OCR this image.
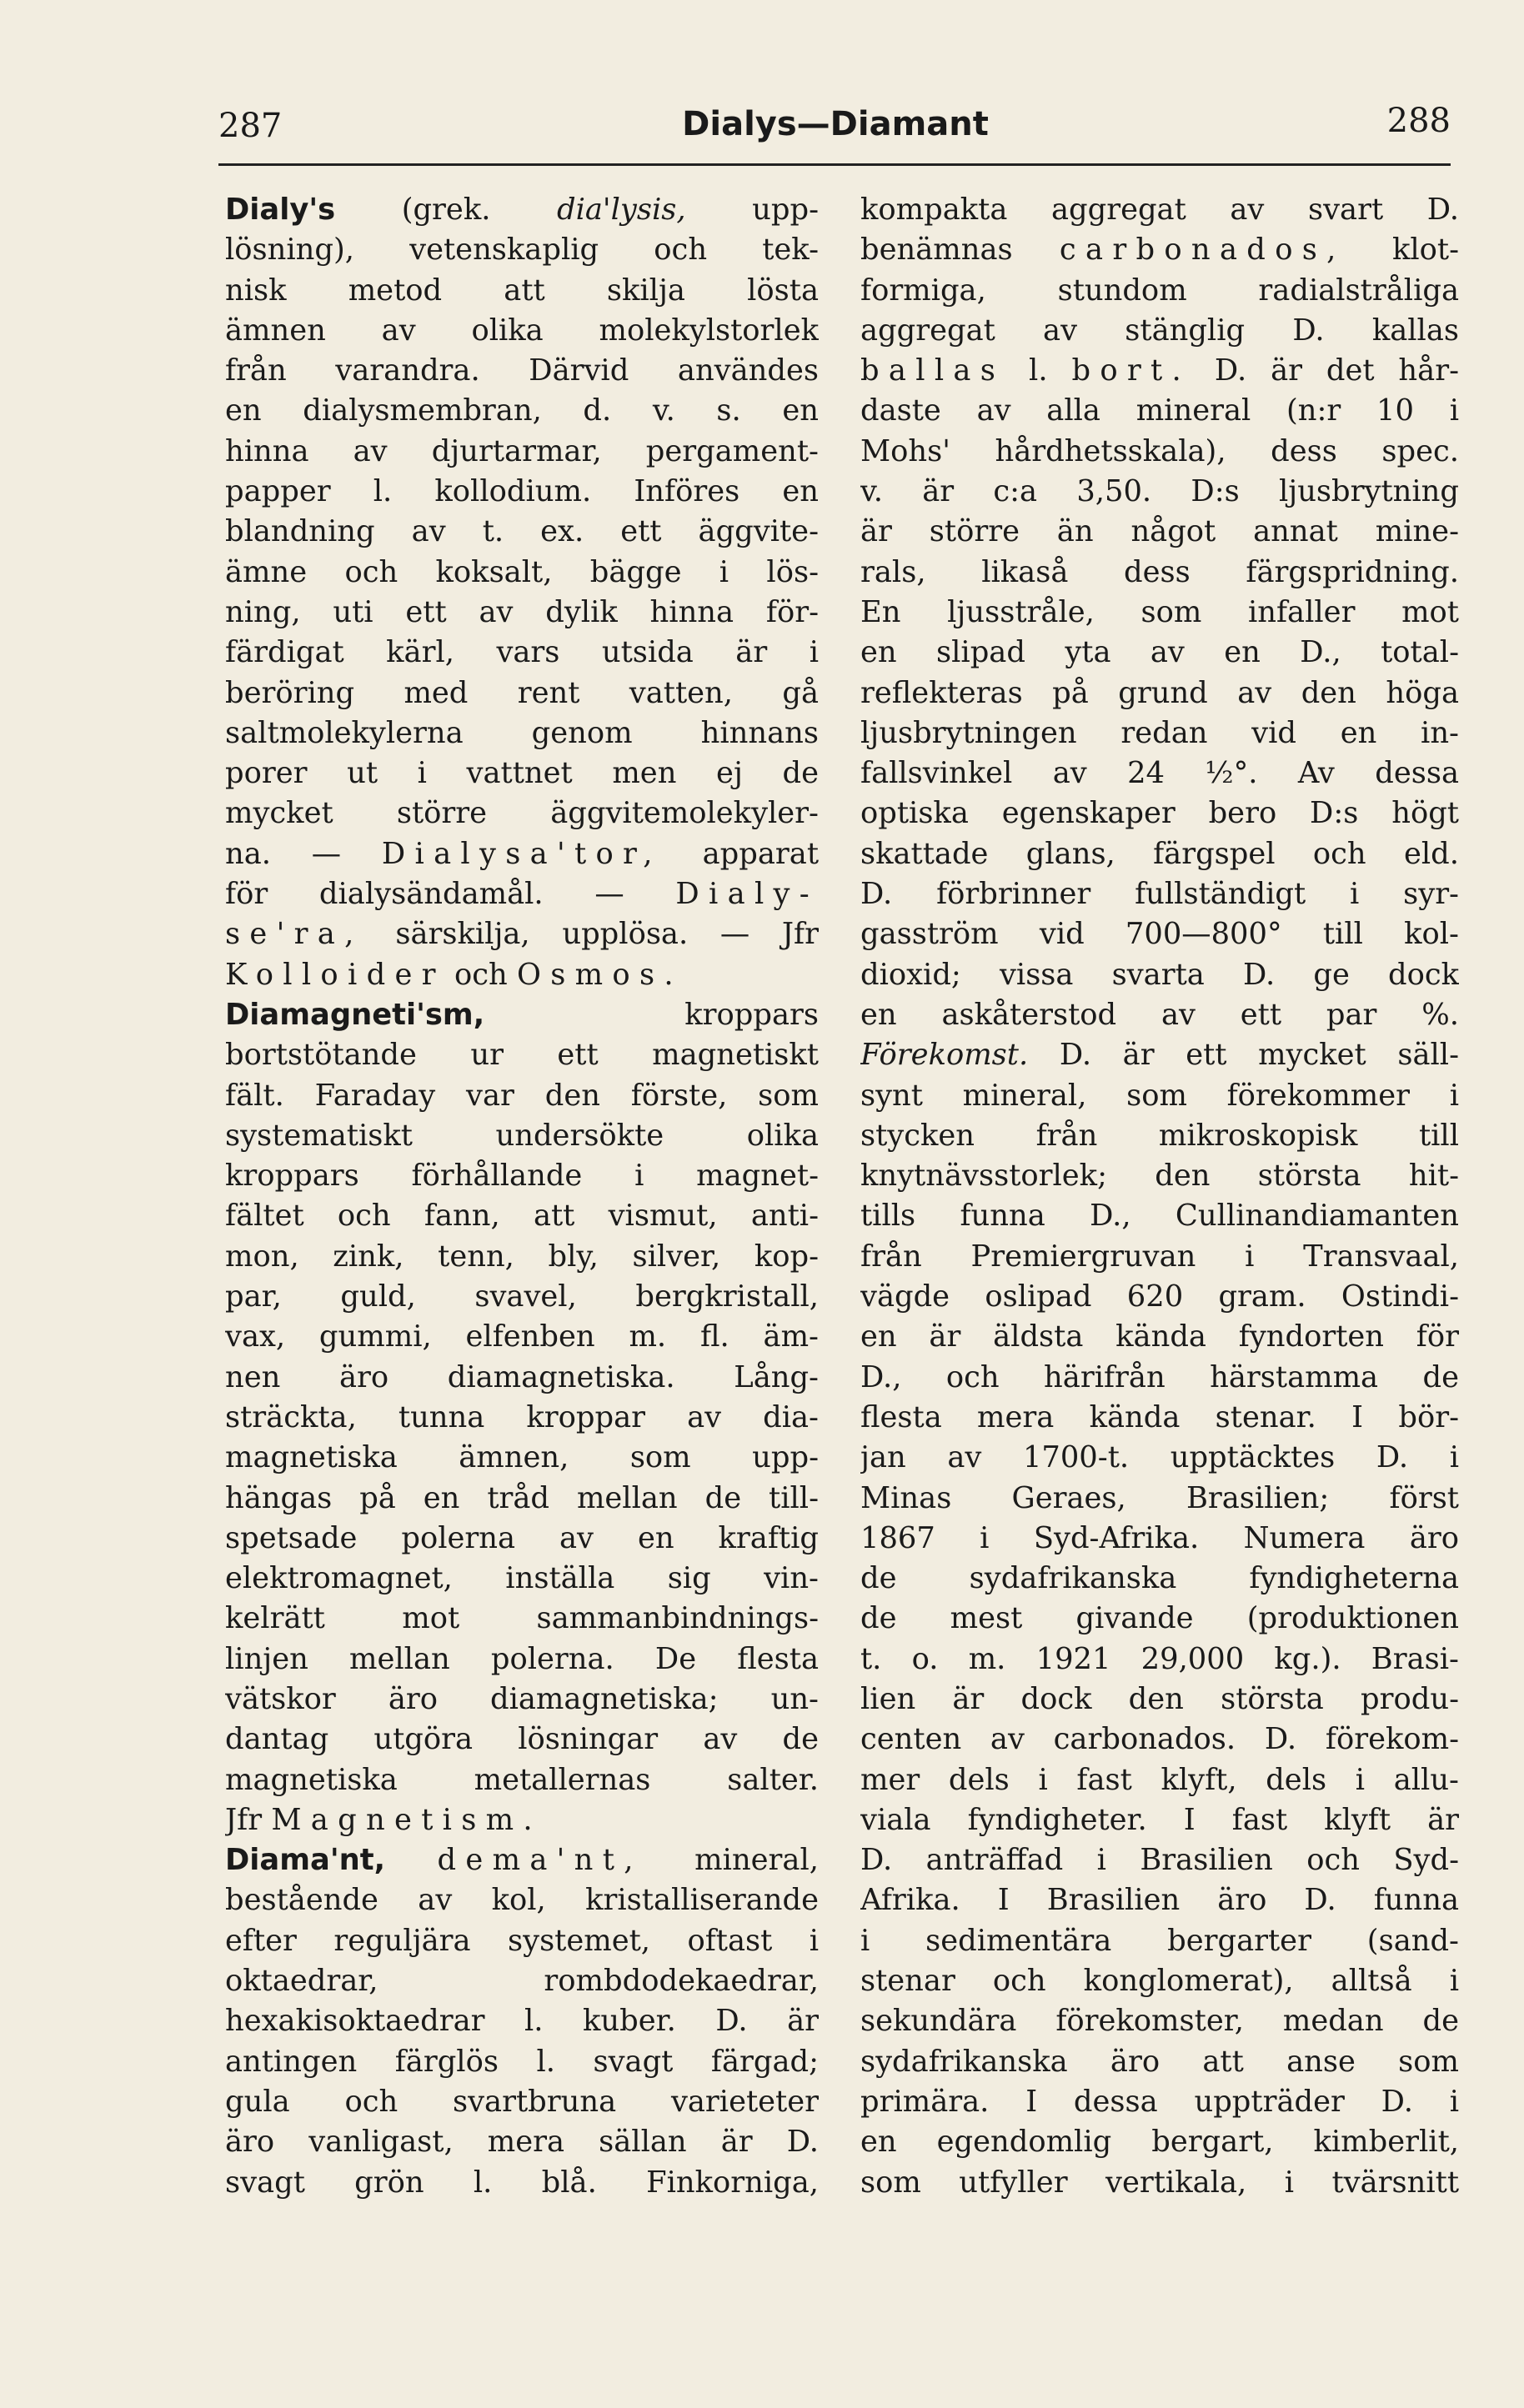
287	Dialys—Diamant	288
Dialy's (grek. dia'lysis, upp-
lösning), vetenskaplig och tek-
nisk metod att skilja lösta
ämnen av olika molekylstorlek
från varandra. Därvid användes
en dialysmembran, d. v. s. en
hinna av djurtarmar, pergament-
papper l. kollodium. Införes en
blandning av t. ex. ett äggvite-
ämne och koksalt, bägge i lös-
ning, uti ett av dylik hinna för-
färdigat kärl, vars utsida är i
beröring med rent vatten, gå
saltmolekylerna genom hinnans
porer ut i vattnet men ej de
mycket större äggvitemolekyler-
na. — Dialysa'tor, apparat
för dialysändamål. — Dialy-
se'ra, särskilja, upplösa. — Jfr
Kolloider och Osmos.
Diamagneti'sm, kroppars
bortstötande ur ett magnetiskt
fält. Faraday var den förste, som
systematiskt undersökte olika
kroppars förhållande i magnet-
fältet och fann, att vismut, anti-
mon, zink, tenn, bly, silver, kop-
par, guld, svavel, bergkristall,
vax, gummi, elfenben m. fl. äm-
nen äro diamagnetiska. Lång-
sträckta, tunna kroppar av dia-
magnetiska ämnen, som upp-
hängas på en tråd mellan de till-
spetsade polerna av en kraftig
elektromagnet, inställa sig vin-
kelrätt mot sammanbindnings-
linjen mellan polerna. De flesta
vätskor äro diamagnetiska; un-
dantag utgöra lösningar av de
magnetiska metallernas salter.
Jfr Magnetism.
Diama'nt, dema'nt, mineral,
bestående av kol, kristalliserande
efter reguljära systemet, oftast i
oktaedrar, rombdodekaedrar,
hexakisoktaedrar l. kuber. D. är
antingen färglös l. svagt färgad;
gula och svartbruna varieteter
äro vanligast, mera sällan är D.
svagt grön l. blå. Finkorniga,
kompakta aggregat av svart D.
benämnas carbonados, klot-
formiga, stundom radialstråliga
aggregat av stänglig D. kallas
ballas l. bort. D. är det hår-
daste av alla mineral (n:r 10 i
Mohs' hårdhetsskala), dess spec.
v. är c:a 3,50. D:s ljusbrytning
är större än något annat mine-
rals, likaså dess färgspridning.
En ljusstråle, som infaller mot
en slipad yta av en D., total-
reflekteras på grund av den höga
ljusbrytningen redan vid en in-
fallsvinkel av 24 ½°. Av dessa
optiska egenskaper bero D:s högt
skattade glans, färgspel och eld.
D. förbrinner fullständigt i syr-
gasström vid 700—800° till kol-
dioxid; vissa svarta D. ge dock
en askåterstod av ett par %.
Förekomst. D. är ett mycket säll-
synt mineral, som förekommer i
stycken från mikroskopisk till
knytnävsstorlek; den största hit-
tills funna D., Cullinandiamanten
från Premiergruvan i Transvaal,
vägde oslipad 620 gram. Ostindi-
en är äldsta kända fyndorten för
D., och härifrån härstamma de
flesta mera kända stenar. I bör-
jan av 1700-t. upptäcktes D. i
Minas Geraes, Brasilien; först
1867 i Syd-Afrika. Numera äro
de sydafrikanska fyndigheterna
de mest givande (produktionen
t. o. m. 1921 29,000 kg.). Brasi-
lien är dock den största produ-
centen av carbonados. D. förekom-
mer dels i fast klyft, dels i allu-
viala fyndigheter. I fast klyft är
D. anträffad i Brasilien och Syd-
Afrika. I Brasilien äro D. funna
i sedimentära bergarter (sand-
stenar och konglomerat), alltså i
sekundära förekomster, medan de
sydafrikanska äro att anse som
primära. I dessa uppträder D. i
en egendomlig bergart, kimberlit,
som utfyller vertikala, i tvärsnitt
